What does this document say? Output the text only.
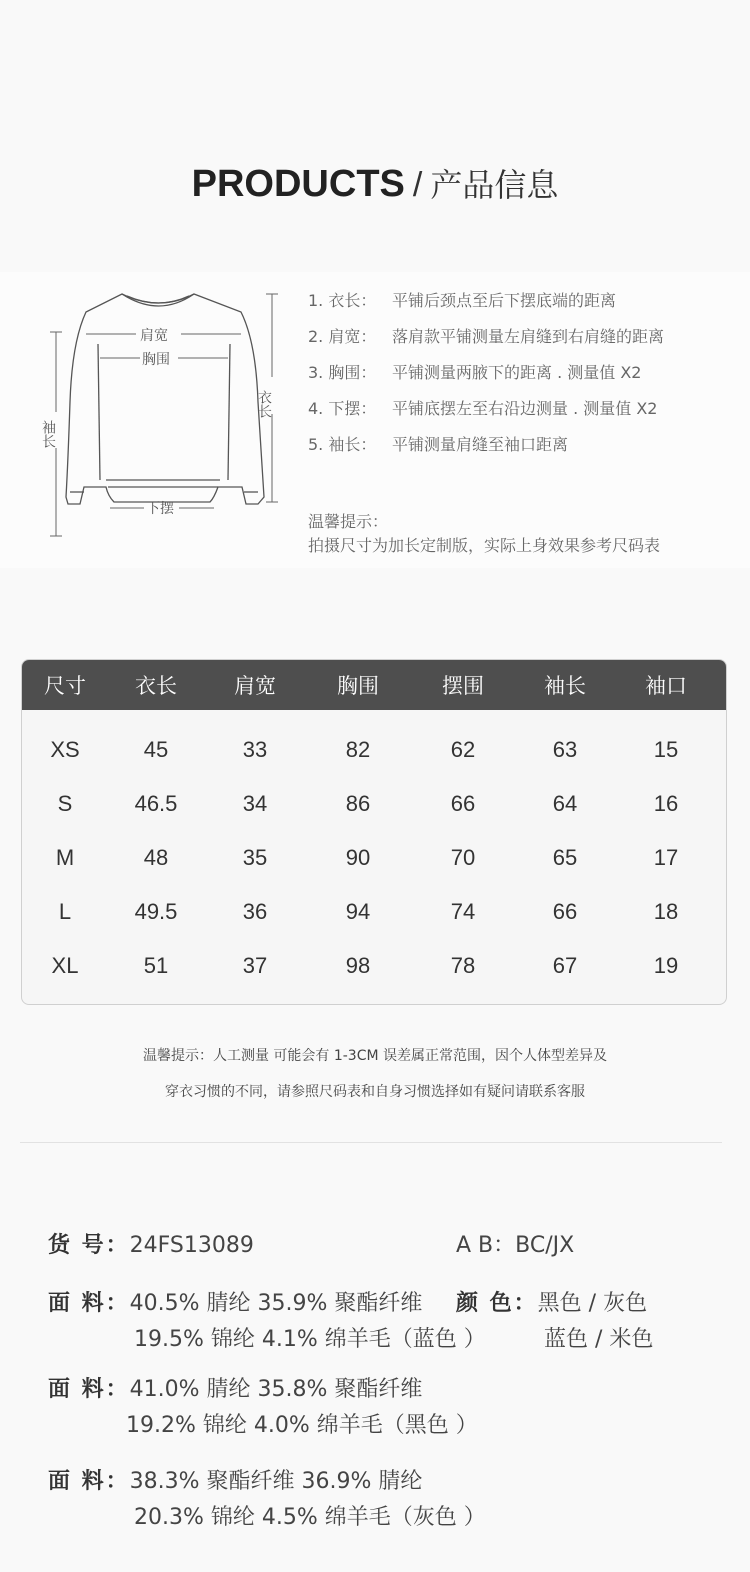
PRODUCTS / 产品信息
肩宽
胸围
下摆
衣长
袖长
1. 衣长： 平铺后颈点至后下摆底端的距离
2. 肩宽： 落肩款平铺测量左肩缝到右肩缝的距离
3. 胸围： 平铺测量两腋下的距离 . 测量值 X2
4. 下摆： 平铺底摆左至右沿边测量 . 测量值 X2
5. 袖长： 平铺测量肩缝至袖口距离
温馨提示：
拍摄尺寸为加长定制版，实际上身效果参考尺码表
尺寸	衣长	肩宽	胸围	摆围	袖长	袖口
XS	45	33	82	62	63	15
S	46.5	34	86	66	64	16
M	48	35	90	70	65	17
L	49.5	36	94	74	66	18
XL	51	37	98	78	67	19
温馨提示：人工测量 可能会有 1-3CM 误差属正常范围，因个人体型差异及
穿衣习惯的不同，请参照尺码表和自身习惯选择如有疑问请联系客服
货 号：24FS13089	A B：BC/JX
面 料：40.5% 腈纶 35.9% 聚酯纤维
19.5% 锦纶 4.1% 绵羊毛（蓝色 ）
颜 色：黑色 / 灰色
蓝色 / 米色
面 料：41.0% 腈纶 35.8% 聚酯纤维
19.2% 锦纶 4.0% 绵羊毛（黑色 ）
面 料：38.3% 聚酯纤维 36.9% 腈纶
20.3% 锦纶 4.5% 绵羊毛（灰色 ）
